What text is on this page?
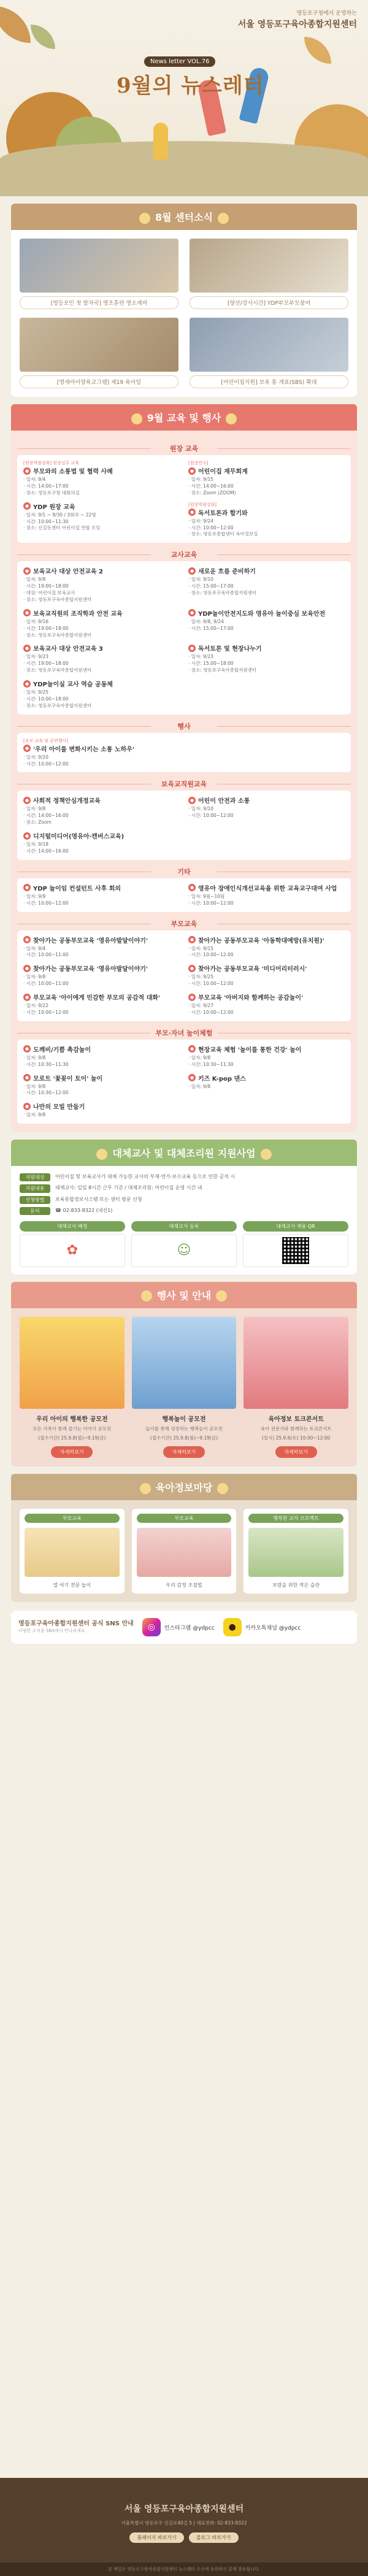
영등포구청에서 운영하는
서울 영등포구육아종합지원센터
News letter VOL.76
9월의 뉴스레터
8월 센터소식
[영등포인 첫 발자국] 영조훈련 영소계비	[양산/강사시간] YDP부모부모참여
[영세아이양육교그램] 제19 육아일	[어린이집지원] 보육 통 개효(SBS) 확대
9월 교육 및 행사
원장 교육
[원장역량강화] 원장실무 교육
● 부모와의 소통법 및 협력 사례
· 일자: 9/4
· 시간: 14:00~17:00
· 장소: 영등포구청 대회의실
[원장연수]
● 어린이집 재무회계
· 일자: 9/15
· 시간: 14:00~16:00
· 장소: Zoom (ZOOM)
● YDP 원장 교육
· 일자: 9/1 ~ 9/30 / 3회차 ~ 22명
· 시간: 10:00~11:30
· 장소: 신길동센터 어린이집 연합 모임
[원장역량강화]
● 독서토론과 합기와
· 일자: 9/24
· 시간: 10:00~12:00
· 장소: 영등포종합센터 육아정보실
교사교육
● 보육교사 대상 안전교육 2
· 일자: 9/8
· 시간: 19:00~18:00
· 대상: 어린이집 보육교사
· 장소: 영등포구육아종합지원센터
● 새로운 흐름 준비하기
· 일자: 9/10
· 시간: 15:00~17:00
· 장소: 영등포구육아종합지원센터
● 보육교직원의 조직학과 안전 교육
· 일자: 9/16
· 시간: 19:00~18:00
· 장소: 영등포구육아종합지원센터
● YDP놀이안전지도와 영유아 놀이중심 보육안전
· 일자: 9/8, 9/24
· 시간: 15:00~17:00
● 보육교사 대상 안전교육 3
· 일자: 9/23
· 시간: 19:00~18:00
· 장소: 영등포구육아종합지원센터
● 독서토론 및 현장나누기
· 일자: 9/23
· 시간: 15:00~18:00
· 장소: 영등포구육아종합지원센터
● YDP놀이실 교사 역습 공동체
· 일자: 9/25
· 시간: 10:00~18:00
· 장소: 영등포구육아종합지원센터
행사
[부모 교육 및 공연행사]
● '우리 아이를 변화시키는 소통 노하우'
· 일자: 9/20
· 시간: 10:00~12:00
보육교직원교육
● 사회적 정책안심개정교육
· 일자: 9/8
· 시간: 14:00~16:00
· 장소: Zoom
● 어린이 안전과 소통
· 일자: 9/10
· 시간: 10:00~12:00
● 디지털미디어(영유아·캔버스교육)
· 일자: 9/18
· 시간: 14:00~16:00
기타
● YDP 놀이임 컨설턴트 사후 회의
· 일자: 9/9
· 시간: 10:00~12:00
● 영유아 장애인식개선교육을 위한 교육교구대여 사업
· 일자: 9월~10월
· 시간: 10:00~12:00
부모교육
● 찾아가는 공동부모교육 '영유아발달이야기'
· 일자: 9/4
· 시간: 10:00~11:00
● 찾아가는 공동부모교육 '아동학대예방(유치원)'
· 일자: 9/15
· 시간: 10:00~12:00
● 찾아가는 공동부모교육 '영유아발달이야기'
· 일자: 9/8
· 시간: 10:00~11:00
● 찾아가는 공동부모교육 '미디어리터러시'
· 일자: 9/25
· 시간: 10:00~12:00
● 부모교육 '아이에게 민감한 부모의 공감적 대화'
· 일자: 9/22
· 시간: 10:00~12:00
● 부모교육 '아버지와 함께하는 공감놀이'
· 일자: 9/27
· 시간: 10:00~12:00
부모·자녀 놀이체험
● 도깨비/기쁨 촉감놀이
· 일자: 9/8
· 시간: 10:30~11:30
● 현장교육 체험 '놀이를 통한 건강' 놀이
· 일자: 9/8
· 시간: 10:30~11:30
● 모로트 '꽃꽂이 토이' 놀이
· 일자: 9/8
· 시간: 10:30~12:00
● 키즈 K-pop 댄스
· 일자: 9/8
● 나만의 모빌 만들기
· 일자: 9/8
대체교사 및 대체조리원 지원사업
지원대상	어린이집 및 보육교사가 대체 가능한 교사의 부재·연가·보수교육 등으로 인한 공석 시
지원내용	대체교사: 일일 8시간 근무 기준 / 대체조리원: 어린이집 운영 시간 내
신청방법	보육통합정보시스템 또는 센터 방문 신청
문의	☎ 02-833-8322 (내선1)
대체교사 배정
✿
대체교사 등록
☺
대체교사 채용 QR
행사 및 안내
우리 아이의 행복한 공모전
모든 가족이 함께 즐기는 이야기 공모전
(접수기간) 25.9.8(월)~9.19(금)
자세히보기
행복놀이 공모전
놀이를 통해 성장하는 행복놀이 공모전
(접수기간) 25.9.8(월)~9.19(금)
자세히보기
육아정보 토크콘서트
육아 전문가와 함께하는 토크콘서트
(일시) 25.9.6(토) 10:00~12:00
자세히보기
육아정보마당
부모교육
열 여기 전문 놀이
부모교육
우리 감정 조절법
행복한 교사 프로젝트
보람을 위한 작은 습관
영등포구육아종합지원센터 공식 SNS 안내
다양한 소식을 SNS에서 만나보세요	◎	인스타그램 @ydpcc	●	카카오톡채널 @ydpcc
서울 영등포구육아종합지원센터
서울특별시 영등포구 신길로40길 5 | 대표전화: 02-833-8322
홈페이지 바로가기	블로그 바로가기
본 메일은 영등포구육아종합지원센터 뉴스레터 수신에 동의하신 분께 발송됩니다.
